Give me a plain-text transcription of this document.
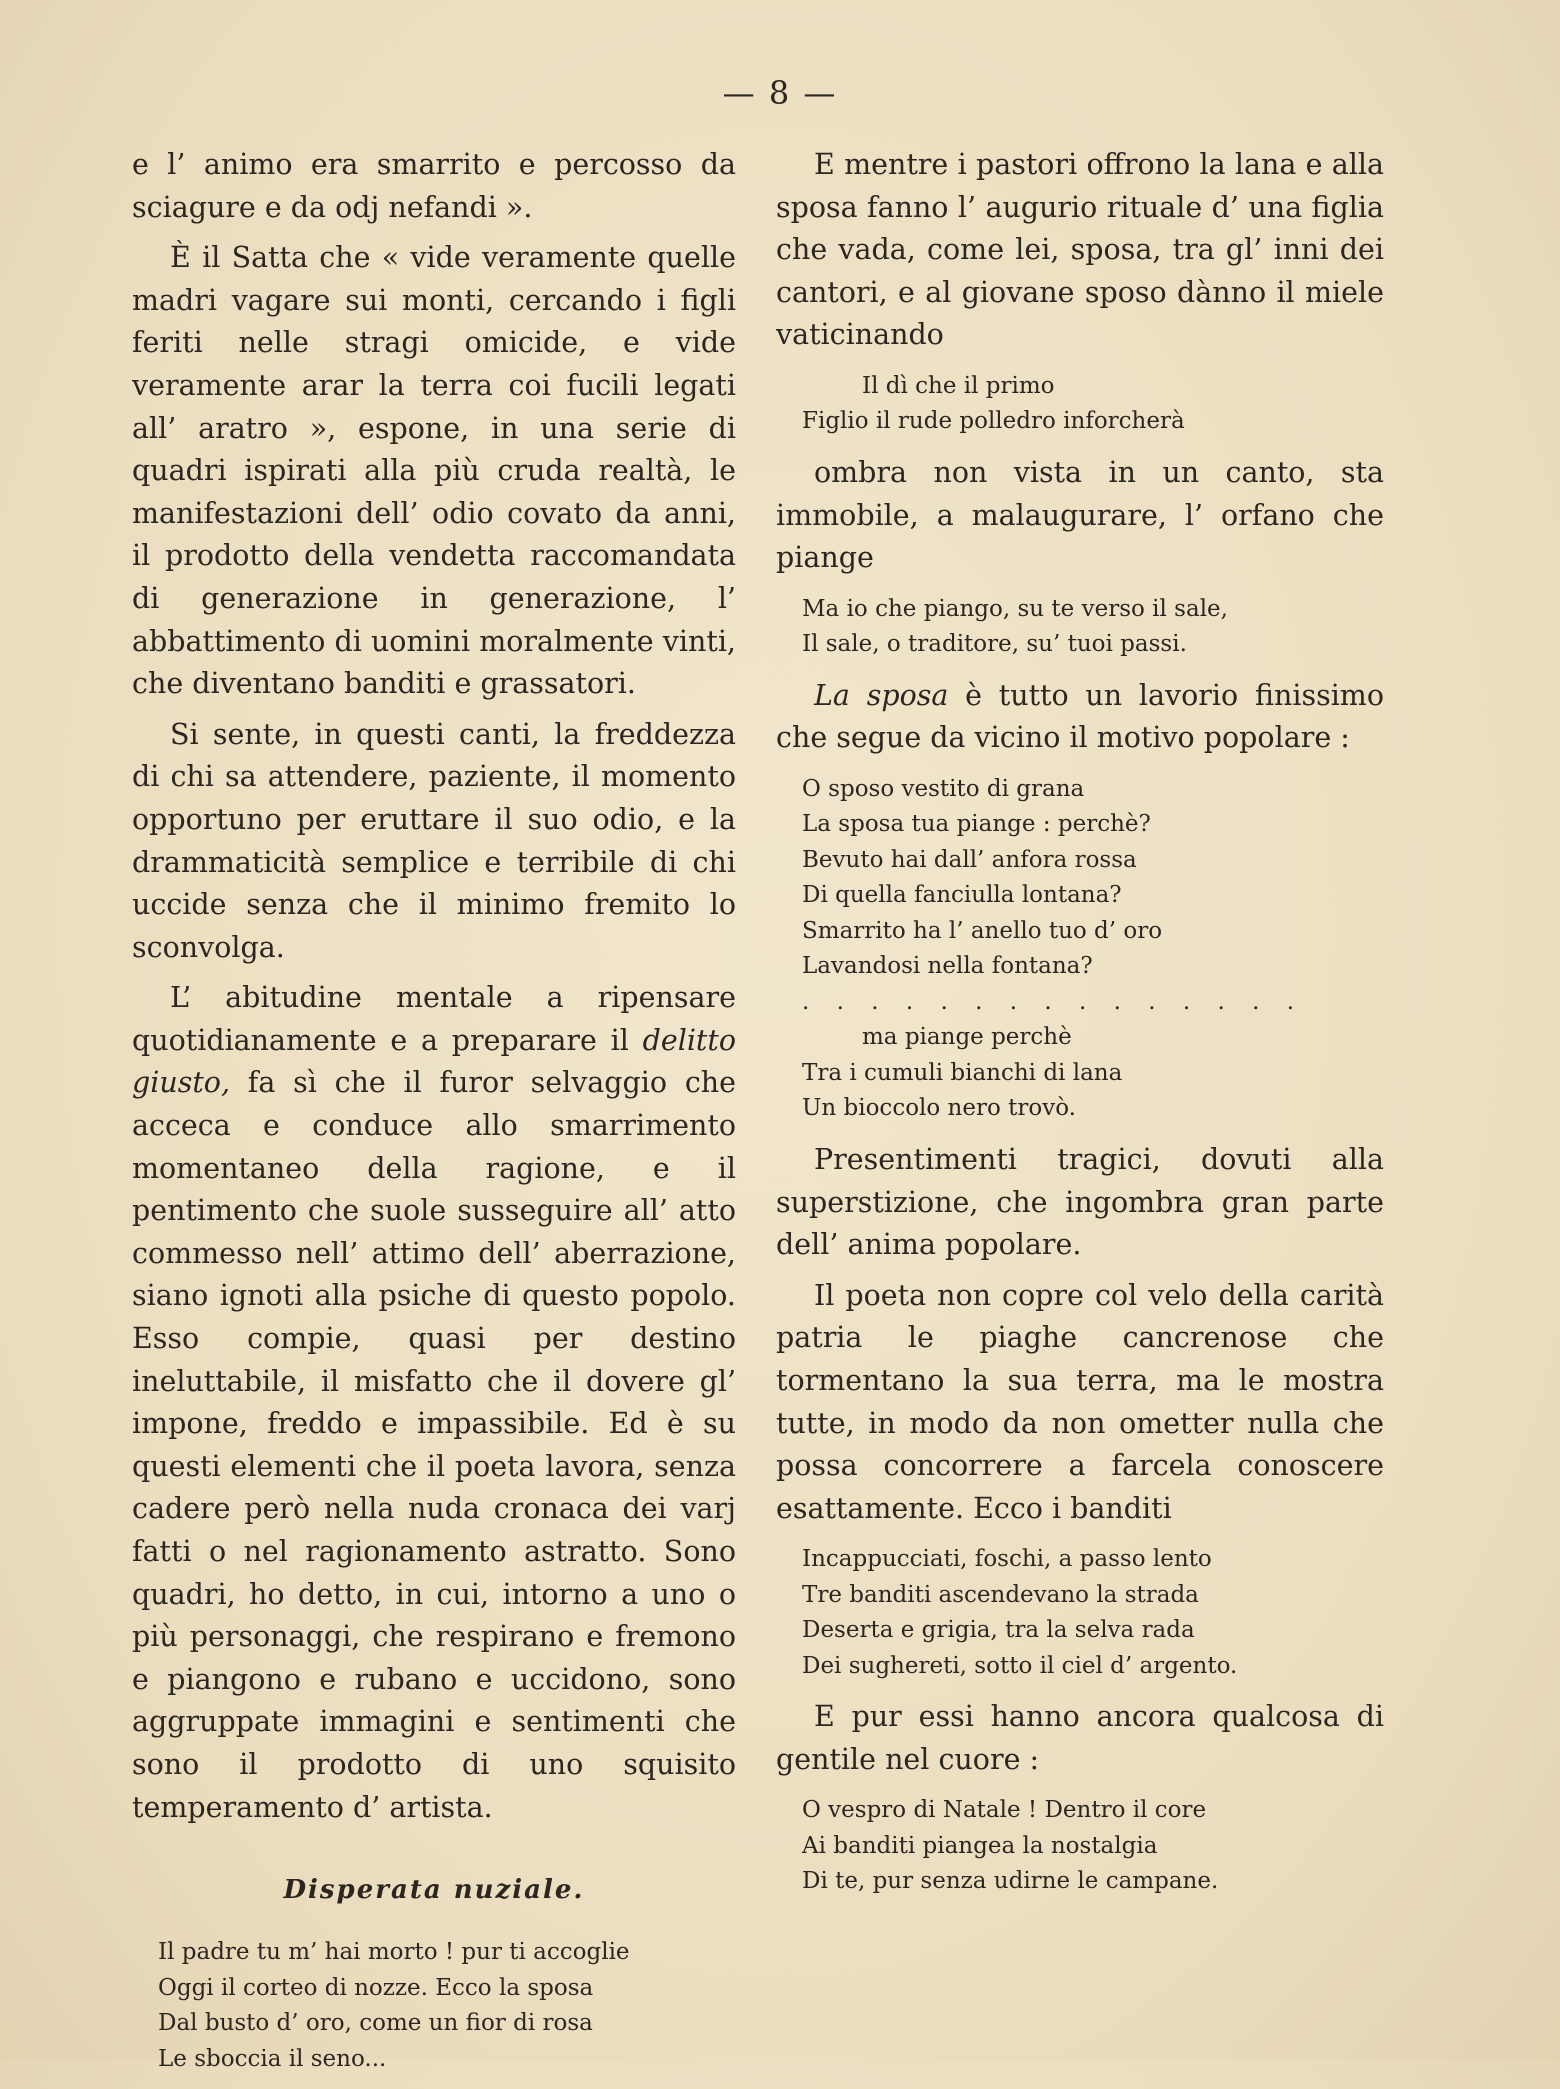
— 8 —

e l’ animo era smarrito e percosso da sciagure e da odj nefandi ».

È il Satta che « vide veramente quelle madri vagare sui monti, cercando i figli feriti nelle stragi omicide, e vide veramente arar la terra coi fucili legati all’ aratro », espone, in una serie di quadri ispirati alla più cruda realtà, le manifestazioni dell’ odio covato da anni, il prodotto della vendetta raccomandata di generazione in generazione, l’ abbattimento di uomini moralmente vinti, che diventano banditi e grassatori.

Si sente, in questi canti, la freddezza di chi sa attendere, paziente, il momento opportuno per eruttare il suo odio, e la drammaticità semplice e terribile di chi uccide senza che il minimo fremito lo sconvolga.

L’ abitudine mentale a ripensare quotidianamente e a preparare il delitto giusto, fa sì che il furor selvaggio che acceca e conduce allo smarrimento momentaneo della ragione, e il pentimento che suole susseguire all’ atto commesso nell’ attimo dell’ aberrazione, siano ignoti alla psiche di questo popolo. Esso compie, quasi per destino ineluttabile, il misfatto che il dovere gl’ impone, freddo e impassibile. Ed è su questi elementi che il poeta lavora, senza cadere però nella nuda cronaca dei varj fatti o nel ragionamento astratto. Sono quadri, ho detto, in cui, intorno a uno o più personaggi, che respirano e fremono e piangono e rubano e uccidono, sono aggruppate immagini e sentimenti che sono il prodotto di uno squisito temperamento d’ artista.

Disperata nuziale.
Il padre tu m’ hai morto ! pur ti accoglie
Oggi il corteo di nozze. Ecco la sposa
Dal busto d’ oro, come un fior di rosa
Le sboccia il seno...

E mentre i pastori offrono la lana e alla sposa fanno l’ augurio rituale d’ una figlia che vada, come lei, sposa, tra gl’ inni dei cantori, e al giovane sposo dànno il miele vaticinando

Il dì che il primo
Figlio il rude polledro inforcherà

ombra non vista in un canto, sta immobile, a malaugurare, l’ orfano che piange

Ma io che piango, su te verso il sale,
Il sale, o traditore, su’ tuoi passi.

La sposa è tutto un lavorio finissimo che segue da vicino il motivo popolare :

O sposo vestito di grana
La sposa tua piange : perchè?
Bevuto hai dall’ anfora rossa
Di quella fanciulla lontana?
Smarrito ha l’ anello tuo d’ oro
Lavandosi nella fontana?
. . . . . . . . . . . . . . .
ma piange perchè
Tra i cumuli bianchi di lana
Un bioccolo nero trovò.

Presentimenti tragici, dovuti alla superstizione, che ingombra gran parte dell’ anima popolare.

Il poeta non copre col velo della carità patria le piaghe cancrenose che tormentano la sua terra, ma le mostra tutte, in modo da non ometter nulla che possa concorrere a farcela conoscere esattamente. Ecco i banditi

Incappucciati, foschi, a passo lento
Tre banditi ascendevano la strada
Deserta e grigia, tra la selva rada
Dei sughereti, sotto il ciel d’ argento.

E pur essi hanno ancora qualcosa di gentile nel cuore :

O vespro di Natale ! Dentro il core
Ai banditi piangea la nostalgia
Di te, pur senza udirne le campane.
